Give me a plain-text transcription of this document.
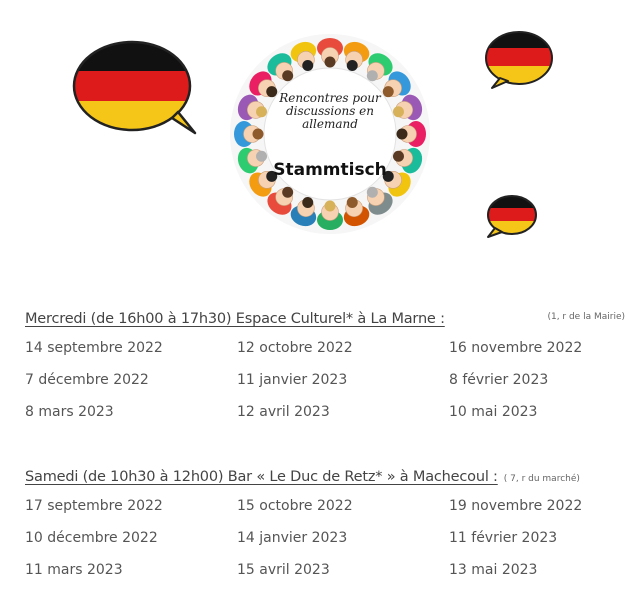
Rencontres pour
discussions en
allemand
Stammtisch
Mercredi (de 16h00 à 17h30) Espace Culturel* à La Marne :	(1, r de la Mairie)
14 septembre 2022	12 octobre 2022	16 novembre 2022
7 décembre 2022	11 janvier 2023	8 février 2023
8 mars 2023	12 avril 2023	10 mai 2023
Samedi (de 10h30 à 12h00) Bar « Le Duc de Retz* » à Machecoul : ( 7, r du marché)
17 septembre 2022	15 octobre 2022	19 novembre 2022
10 décembre 2022	14 janvier 2023	11 février 2023
11 mars 2023	15 avril 2023	13 mai 2023
